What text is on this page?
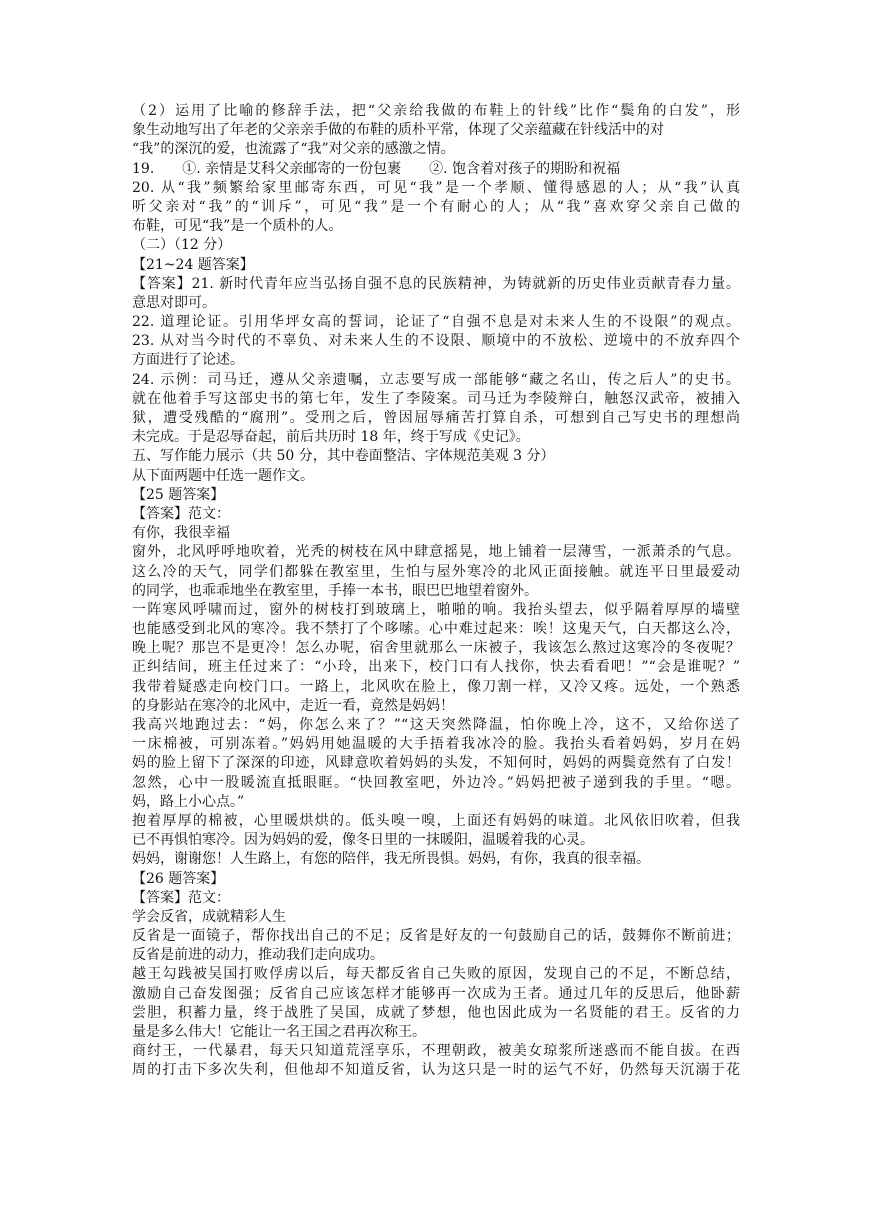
（2）运用了比喻的修辞手法，把“父亲给我做的布鞋上的针线”比作“鬓角的白发”，形
象生动地写出了年老的父亲亲手做的布鞋的质朴平常，体现了父亲蕴藏在针线活中的对
“我”的深沉的爱，也流露了“我”对父亲的感激之情。
19.　　①. 亲情是艾科父亲邮寄的一份包裹　　②. 饱含着对孩子的期盼和祝福
20. 从“我”频繁给家里邮寄东西，可见“我”是一个孝顺、懂得感恩的人；从“我”认真
听父亲对“我”的“训斥”，可见“我”是一个有耐心的人；从“我”喜欢穿父亲自己做的
布鞋，可见“我”是一个质朴的人。
（二）（12 分）
【21~24 题答案】
【答案】21. 新时代青年应当弘扬自强不息的民族精神，为铸就新的历史伟业贡献青春力量。
意思对即可。
22. 道理论证。引用华坪女高的誓词，论证了“自强不息是对未来人生的不设限”的观点。
23. 从对当今时代的不辜负、对未来人生的不设限、顺境中的不放松、逆境中的不放弃四个
方面进行了论述。
24. 示例：司马迁，遵从父亲遗嘱，立志要写成一部能够“藏之名山，传之后人”的史书。
就在他着手写这部史书的第七年，发生了李陵案。司马迁为李陵辩白，触怒汉武帝，被捕入
狱，遭受残酷的“腐刑”。受刑之后，曾因屈辱痛苦打算自杀，可想到自己写史书的理想尚
未完成。于是忍辱奋起，前后共历时 18 年，终于写成《史记》。
五、写作能力展示（共 50 分，其中卷面整洁、字体规范美观 3 分）
从下面两题中任选一题作文。
【25 题答案】
【答案】范文：
有你，我很幸福
窗外，北风呼呼地吹着，光秃的树枝在风中肆意摇晃，地上铺着一层薄雪，一派萧杀的气息。
这么冷的天气，同学们都躲在教室里，生怕与屋外寒冷的北风正面接触。就连平日里最爱动
的同学，也乖乖地坐在教室里，手捧一本书，眼巴巴地望着窗外。
一阵寒风呼啸而过，窗外的树枝打到玻璃上，啪啪的响。我抬头望去，似乎隔着厚厚的墙壁
也能感受到北风的寒冷。我不禁打了个哆嗦。心中难过起来：唉！这鬼天气，白天都这么冷，
晚上呢？那岂不是更冷！怎么办呢，宿舍里就那么一床被子，我该怎么熬过这寒冷的冬夜呢？
正纠结间，班主任过来了：“小玲，出来下，校门口有人找你，快去看看吧！”“会是谁呢？”
我带着疑惑走向校门口。一路上，北风吹在脸上，像刀割一样，又冷又疼。远处，一个熟悉
的身影站在寒冷的北风中，走近一看，竟然是妈妈！
我高兴地跑过去：“妈，你怎么来了？”“这天突然降温，怕你晚上冷，这不，又给你送了
一床棉被，可别冻着。”妈妈用她温暖的大手捂着我冰冷的脸。我抬头看着妈妈，岁月在妈
妈的脸上留下了深深的印迹，风肆意吹着妈妈的头发，不知何时，妈妈的两鬓竟然有了白发！
忽然，心中一股暖流直抵眼眶。“快回教室吧，外边冷。”妈妈把被子递到我的手里。“嗯。
妈，路上小心点。”
抱着厚厚的棉被，心里暖烘烘的。低头嗅一嗅，上面还有妈妈的味道。北风依旧吹着，但我
已不再惧怕寒冷。因为妈妈的爱，像冬日里的一抹暖阳，温暖着我的心灵。
妈妈，谢谢您！人生路上，有您的陪伴，我无所畏惧。妈妈，有你，我真的很幸福。
【26 题答案】
【答案】范文：
学会反省，成就精彩人生
反省是一面镜子，帮你找出自己的不足；反省是好友的一句鼓励自己的话，鼓舞你不断前进；
反省是前进的动力，推动我们走向成功。
越王勾践被吴国打败俘虏以后，每天都反省自己失败的原因，发现自己的不足，不断总结，
激励自己奋发图强；反省自己应该怎样才能够再一次成为王者。通过几年的反思后，他卧薪
尝胆，积蓄力量，终于战胜了吴国，成就了梦想，他也因此成为一名贤能的君王。反省的力
量是多么伟大！它能让一名王国之君再次称王。
商纣王，一代暴君，每天只知道荒淫享乐，不理朝政，被美女琼浆所迷惑而不能自拔。在西
周的打击下多次失利，但他却不知道反省，认为这只是一时的运气不好，仍然每天沉溺于花
